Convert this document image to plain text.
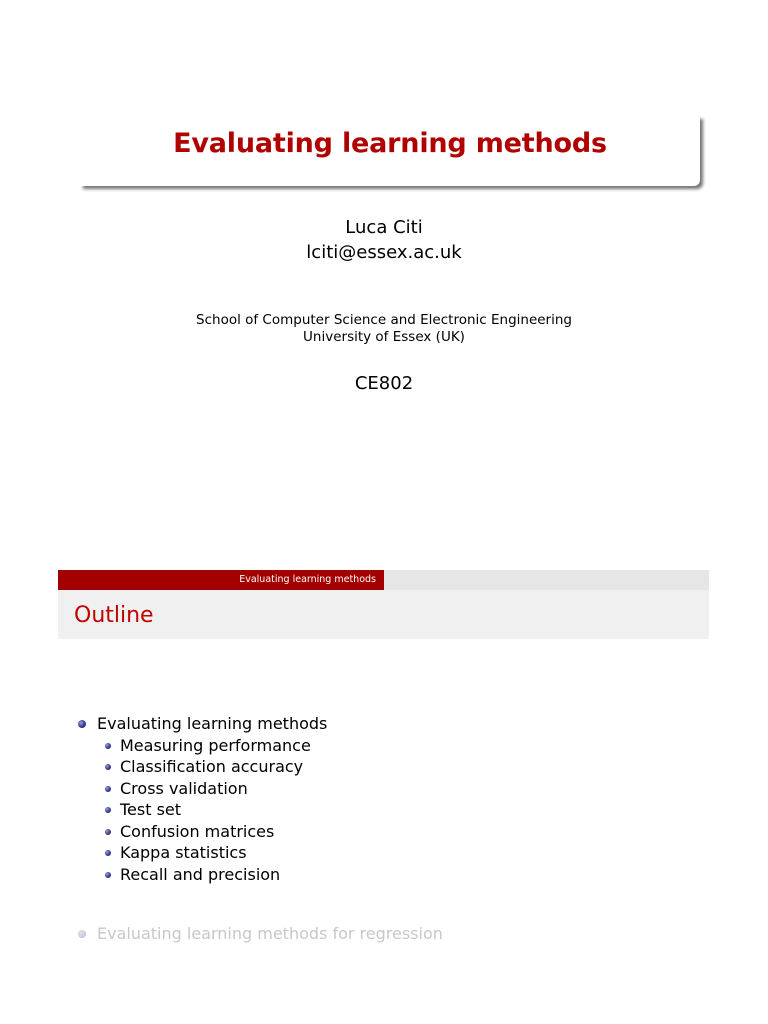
Evaluating learning methods
Luca Citi
lciti@essex.ac.uk
School of Computer Science and Electronic Engineering
University of Essex (UK)
CE802
Evaluating learning methods
Outline
Evaluating learning methods
Measuring performance
Classification accuracy
Cross validation
Test set
Confusion matrices
Kappa statistics
Recall and precision
Evaluating learning methods for regression
